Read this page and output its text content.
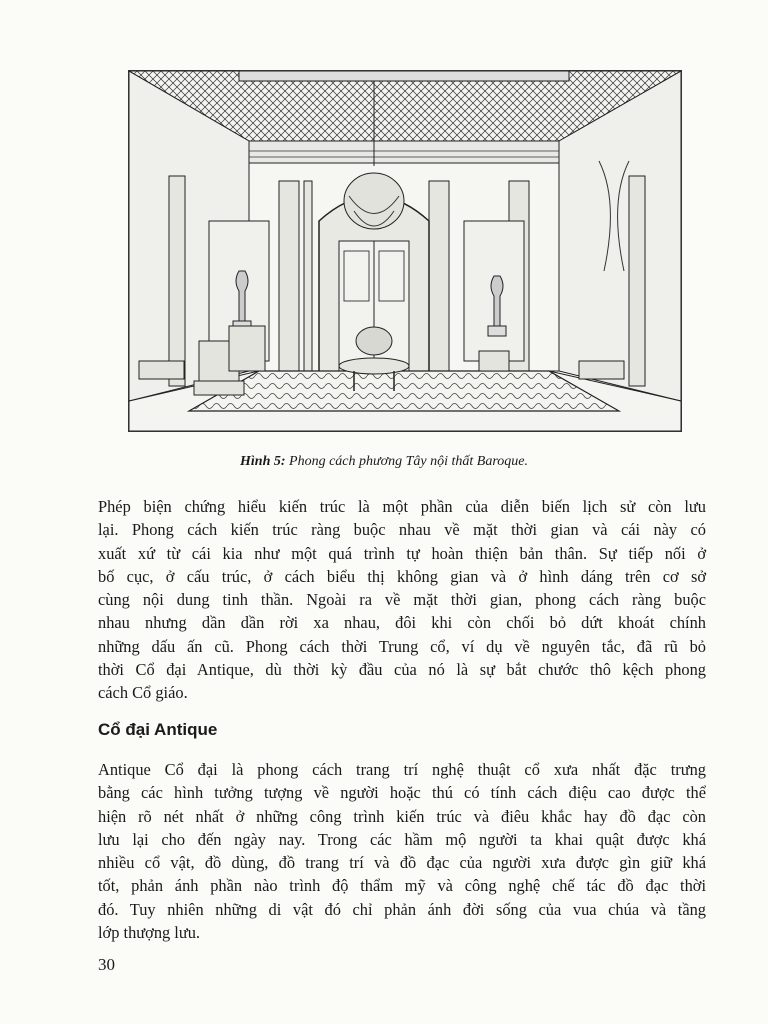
Hình 5: Phong cách phương Tây nội thất Baroque.
Phép biện chứng hiểu kiến trúc là một phần của diễn biến lịch sử còn lưu
lại. Phong cách kiến trúc ràng buộc nhau về mặt thời gian và cái này có
xuất xứ từ cái kia như một quá trình tự hoàn thiện bản thân. Sự tiếp nối ở
bố cục, ở cấu trúc, ở cách biểu thị không gian và ở hình dáng trên cơ sở
cùng nội dung tinh thần. Ngoài ra về mặt thời gian, phong cách ràng buộc
nhau nhưng dần dần rời xa nhau, đôi khi còn chối bỏ dứt khoát chính
những dấu ấn cũ. Phong cách thời Trung cổ, ví dụ về nguyên tắc, đã rũ bỏ
thời Cổ đại Antique, dù thời kỳ đầu của nó là sự bắt chước thô kệch phong
cách Cổ giáo.
Cổ đại Antique
Antique Cổ đại là phong cách trang trí nghệ thuật cổ xưa nhất đặc trưng
bằng các hình tưởng tượng về người hoặc thú có tính cách điệu cao được thể
hiện rõ nét nhất ở những công trình kiến trúc và điêu khắc hay đồ đạc còn
lưu lại cho đến ngày nay. Trong các hầm mộ người ta khai quật được khá
nhiều cổ vật, đồ dùng, đồ trang trí và đồ đạc của người xưa được gìn giữ khá
tốt, phản ánh phần nào trình độ thẩm mỹ và công nghệ chế tác đồ đạc thời
đó. Tuy nhiên những di vật đó chỉ phản ánh đời sống của vua chúa và tầng
lớp thượng lưu.
30
